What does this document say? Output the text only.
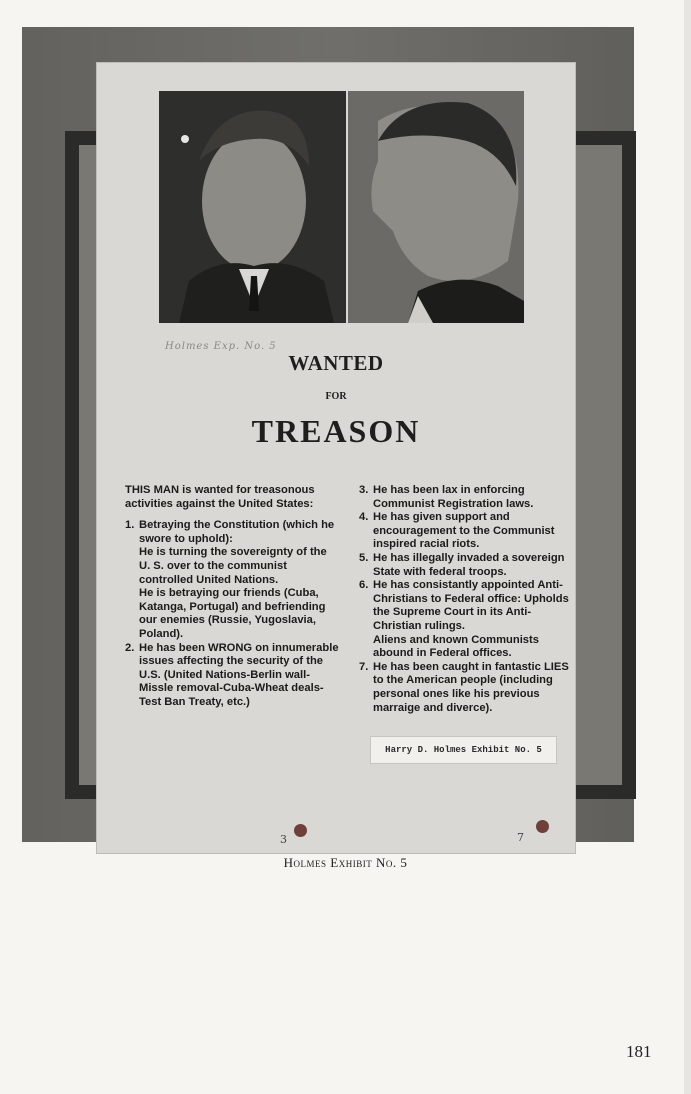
Holmes Exp. No. 5
WANTED
FOR
TREASON

THIS MAN is wanted for treasonous activities against the United States:

1. Betraying the Constitution (which he swore to uphold):

He is turning the sovereignty of the U. S. over to the communist controlled United Nations.

He is betraying our friends (Cuba, Katanga, Portugal) and befriending our enemies (Russie, Yugoslavia, Poland).

2. He has been WRONG on innumerable issues affecting the security of the U.S. (United Nations-Berlin wall-Missle removal-Cuba-Wheat deals-Test Ban Treaty, etc.)

3. He has been lax in enforcing Communist Registration laws.

4. He has given support and encouragement to the Communist inspired racial riots.

5. He has illegally invaded a sovereign State with federal troops.

6. He has consistantly appointed Anti-Christians to Federal office: Upholds the Supreme Court in its Anti-Christian rulings.

Aliens and known Communists abound in Federal offices.

7. He has been caught in fantastic LIES to the American people (including personal ones like his previous marraige and diverce).

Harry D. Holmes Exhibit No. 5
3	7
Holmes Exhibit No. 5
181
